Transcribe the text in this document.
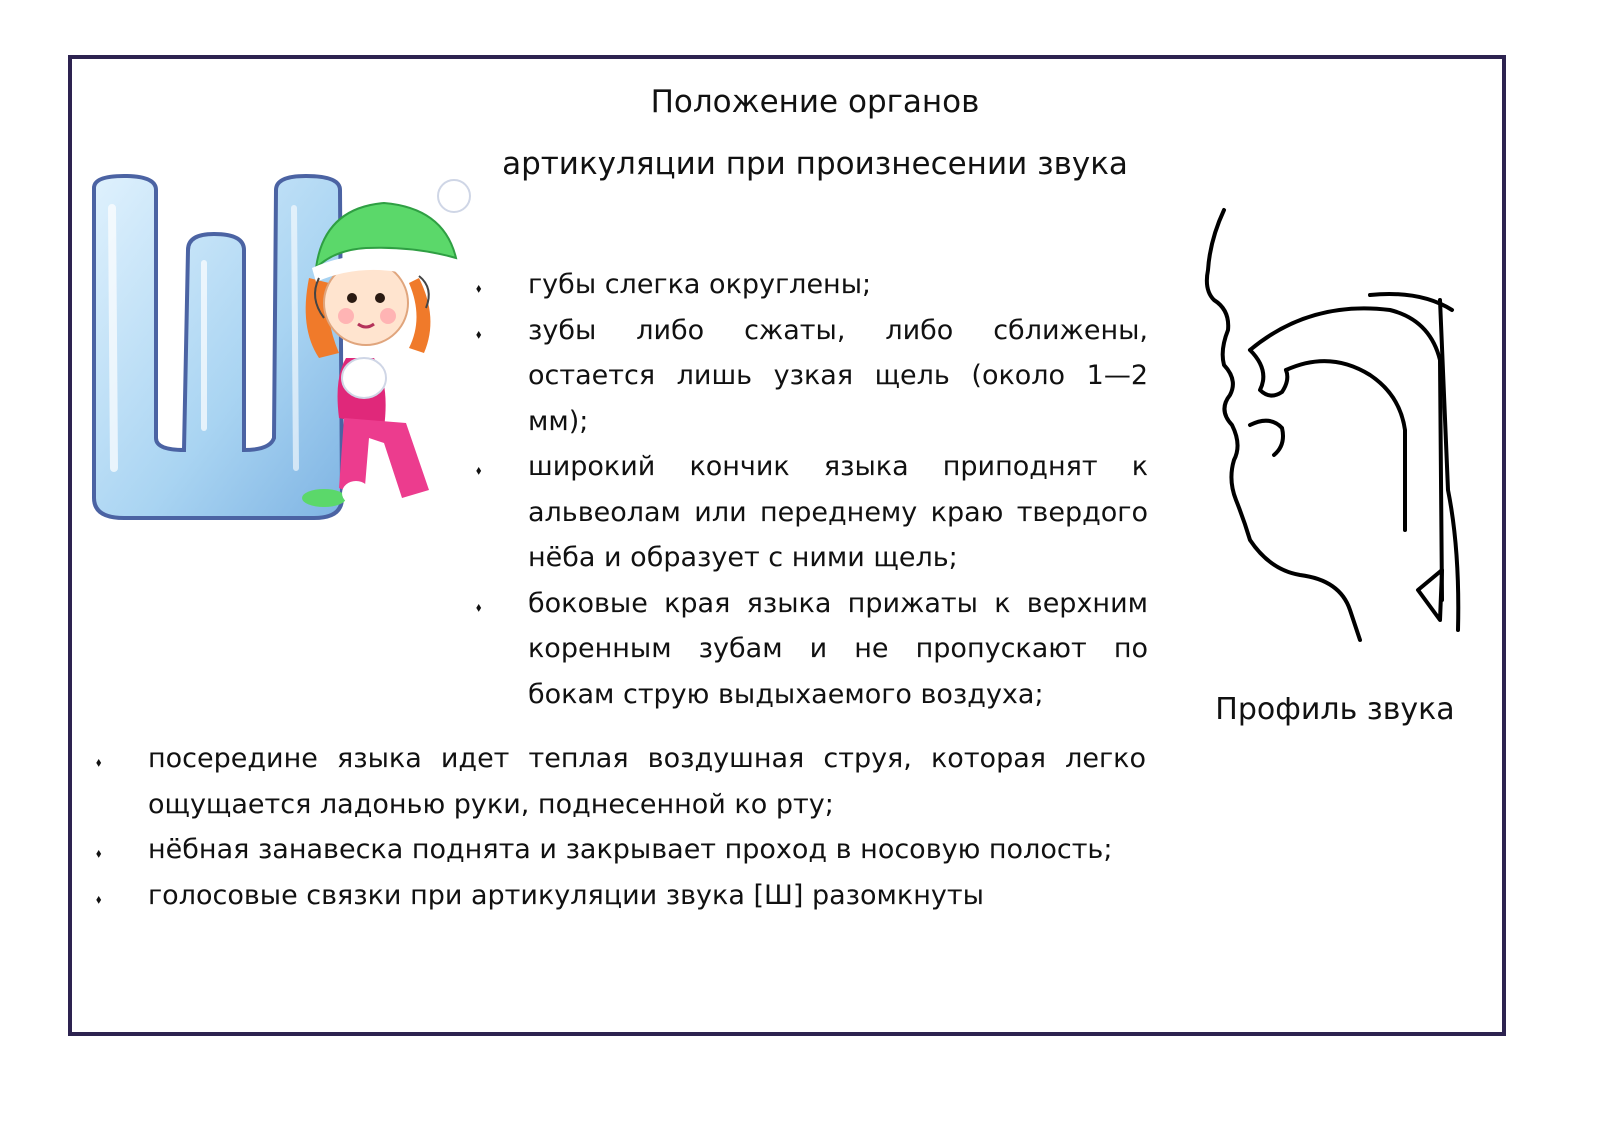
Положение органов
артикуляции при произнесении звука
⬧ губы слегка округлены;
⬧ зубы либо сжаты, либо сближены, остается лишь узкая щель (около 1—2 мм);
⬧ широкий кончик языка приподнят к альвеолам или переднему краю твердого нёба и образует с ними щель;
⬧ боковые края языка прижаты к верхним коренным зубам и не пропускают по бокам струю выдыхаемого воздуха;	Профиль звука
⬧ посередине языка идет теплая воздушная струя, которая легко ощущается ладонью руки, поднесенной ко рту;
⬧ нёбная занавеска поднята и закрывает проход в носовую полость;
⬧ голосовые связки при артикуляции звука [Ш] разомкнуты
